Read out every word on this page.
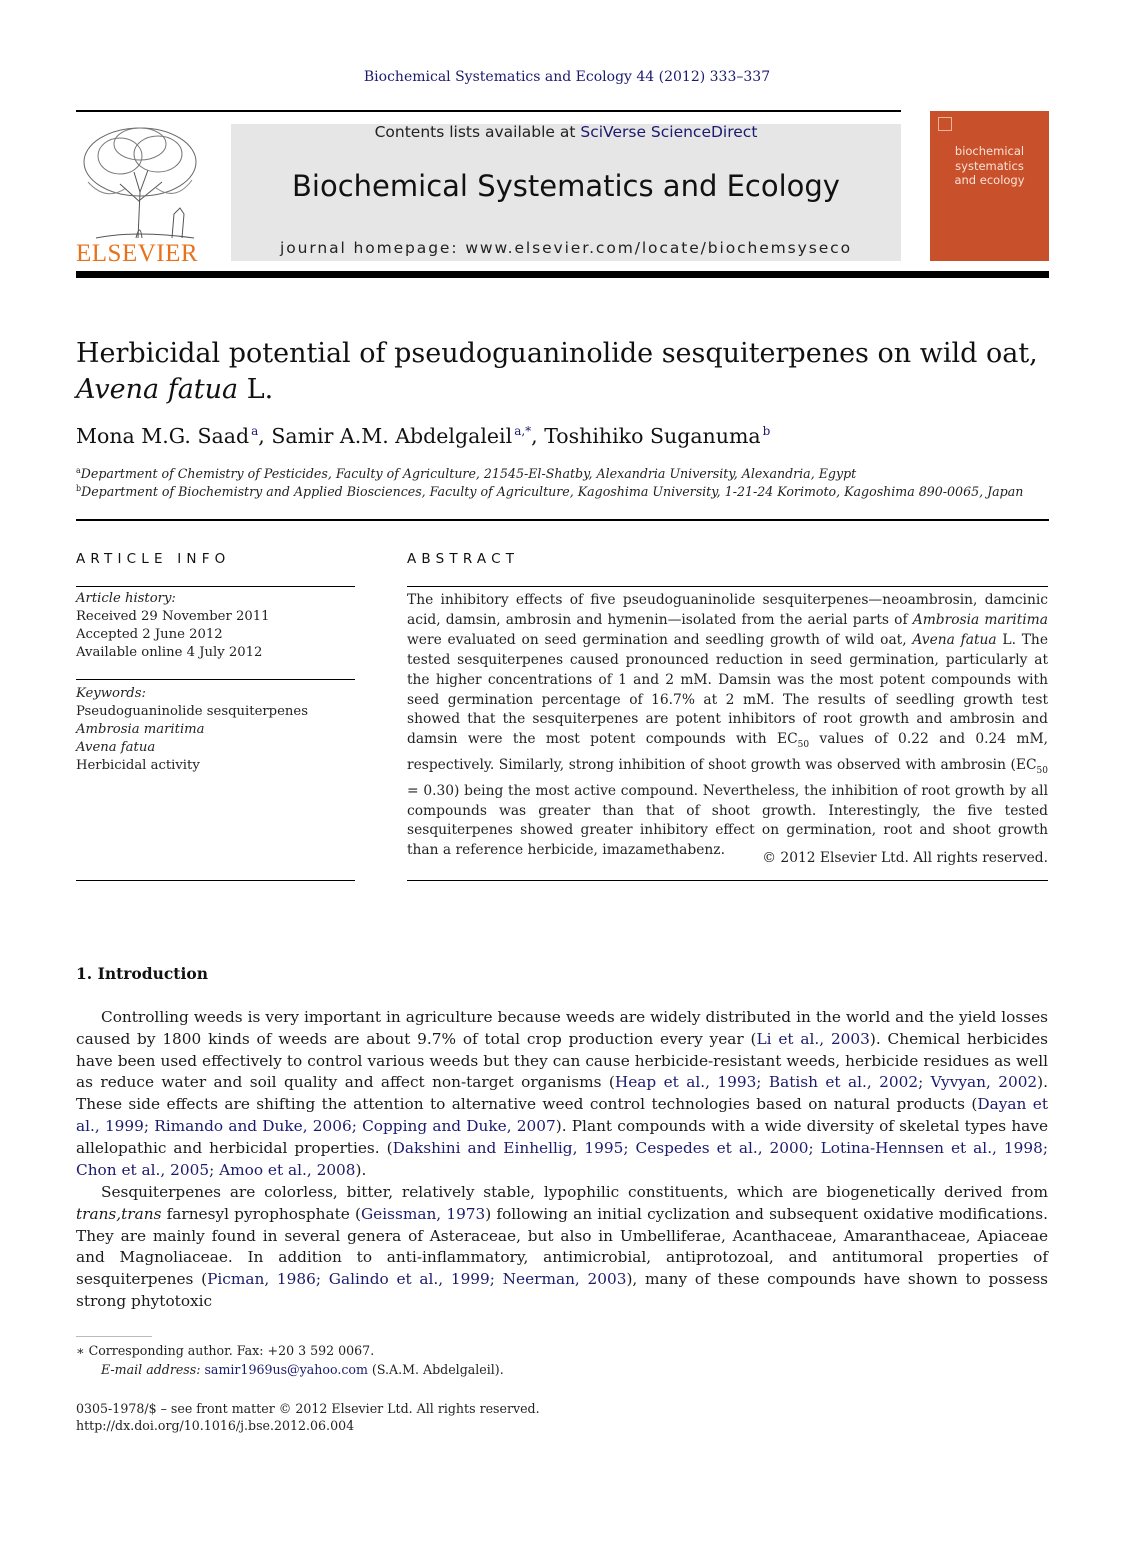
Biochemical Systematics and Ecology 44 (2012) 333–337
ELSEVIER
Contents lists available at SciVerse ScienceDirect
Biochemical Systematics and Ecology
journal homepage: www.elsevier.com/locate/biochemsyseco
biochemical
systematics
and ecology
Herbicidal potential of pseudoguaninolide sesquiterpenes on wild oat,
Avena fatua L.
Mona M.G. Saad  $^a$, Samir A.M. Abdelgaleil  $^{a,*}$, Toshihiko Suganuma  $^b$
$^a$Department of Chemistry of Pesticides, Faculty of Agriculture, 21545-El-Shatby, Alexandria University, Alexandria, Egypt
$^b$Department of Biochemistry and Applied Biosciences, Faculty of Agriculture, Kagoshima University, 1-21-24 Korimoto, Kagoshima 890-0065, Japan
ARTICLE INFO
Article history:
Received 29 November 2011
Accepted 2 June 2012
Available online 4 July 2012
Keywords:
Pseudoguaninolide sesquiterpenes
Ambrosia maritima
Avena fatua
Herbicidal activity
ABSTRACT
The inhibitory effects of five pseudoguaninolide sesquiterpenes—neoambrosin, damcinic acid, damsin, ambrosin and hymenin—isolated from the aerial parts of Ambrosia maritima were evaluated on seed germination and seedling growth of wild oat, Avena fatua L. The tested sesquiterpenes caused pronounced reduction in seed germination, particularly at the higher concentrations of 1 and 2 mM. Damsin was the most potent compounds with seed germination percentage of 16.7% at 2 mM. The results of seedling growth test showed that the sesquiterpenes are potent inhibitors of root growth and ambrosin and damsin were the most potent compounds with $EC_{50}$ values of 0.22 and 0.24 mM, respectively. Similarly, strong inhibition of shoot growth was observed with ambrosin $(EC_{50} = 0.30)$ being the most active compound. Nevertheless, the inhibition of root growth by all compounds was greater than that of shoot growth. Interestingly, the five tested sesquiterpenes showed greater inhibitory effect on germination, root and shoot growth than a reference herbicide, imazamethabenz.	© 2012 Elsevier Ltd. All rights reserved.
1. Introduction
Controlling weeds is very important in agriculture because weeds are widely distributed in the world and the yield losses caused by 1800 kinds of weeds are about 9.7% of total crop production every year (Li et al., 2003). Chemical herbicides have been used effectively to control various weeds but they can cause herbicide-resistant weeds, herbicide residues as well as reduce water and soil quality and affect non-target organisms (Heap et al., 1993; Batish et al., 2002; Vyvyan, 2002). These side effects are shifting the attention to alternative weed control technologies based on natural products (Dayan et al., 1999; Rimando and Duke, 2006; Copping and Duke, 2007). Plant compounds with a wide diversity of skeletal types have allelopathic and herbicidal properties. (Dakshini and Einhellig, 1995; Cespedes et al., 2000; Lotina-Hennsen et al., 1998; Chon et al., 2005; Amoo et al., 2008).
Sesquiterpenes are colorless, bitter, relatively stable, lypophilic constituents, which are biogenetically derived from trans,trans farnesyl pyrophosphate (Geissman, 1973) following an initial cyclization and subsequent oxidative modifications. They are mainly found in several genera of Asteraceae, but also in Umbelliferae, Acanthaceae, Amaranthaceae, Apiaceae and Magnoliaceae. In addition to anti-inflammatory, antimicrobial, antiprotozoal, and antitumoral properties of sesquiterpenes (Picman, 1986; Galindo et al., 1999; Neerman, 2003), many of these compounds have shown to possess strong phytotoxic
∗ Corresponding author. Fax: +20 3 592 0067.
E-mail address: samir1969us@yahoo.com (S.A.M. Abdelgaleil).
0305-1978/$ – see front matter © 2012 Elsevier Ltd. All rights reserved.
http://dx.doi.org/10.1016/j.bse.2012.06.004
